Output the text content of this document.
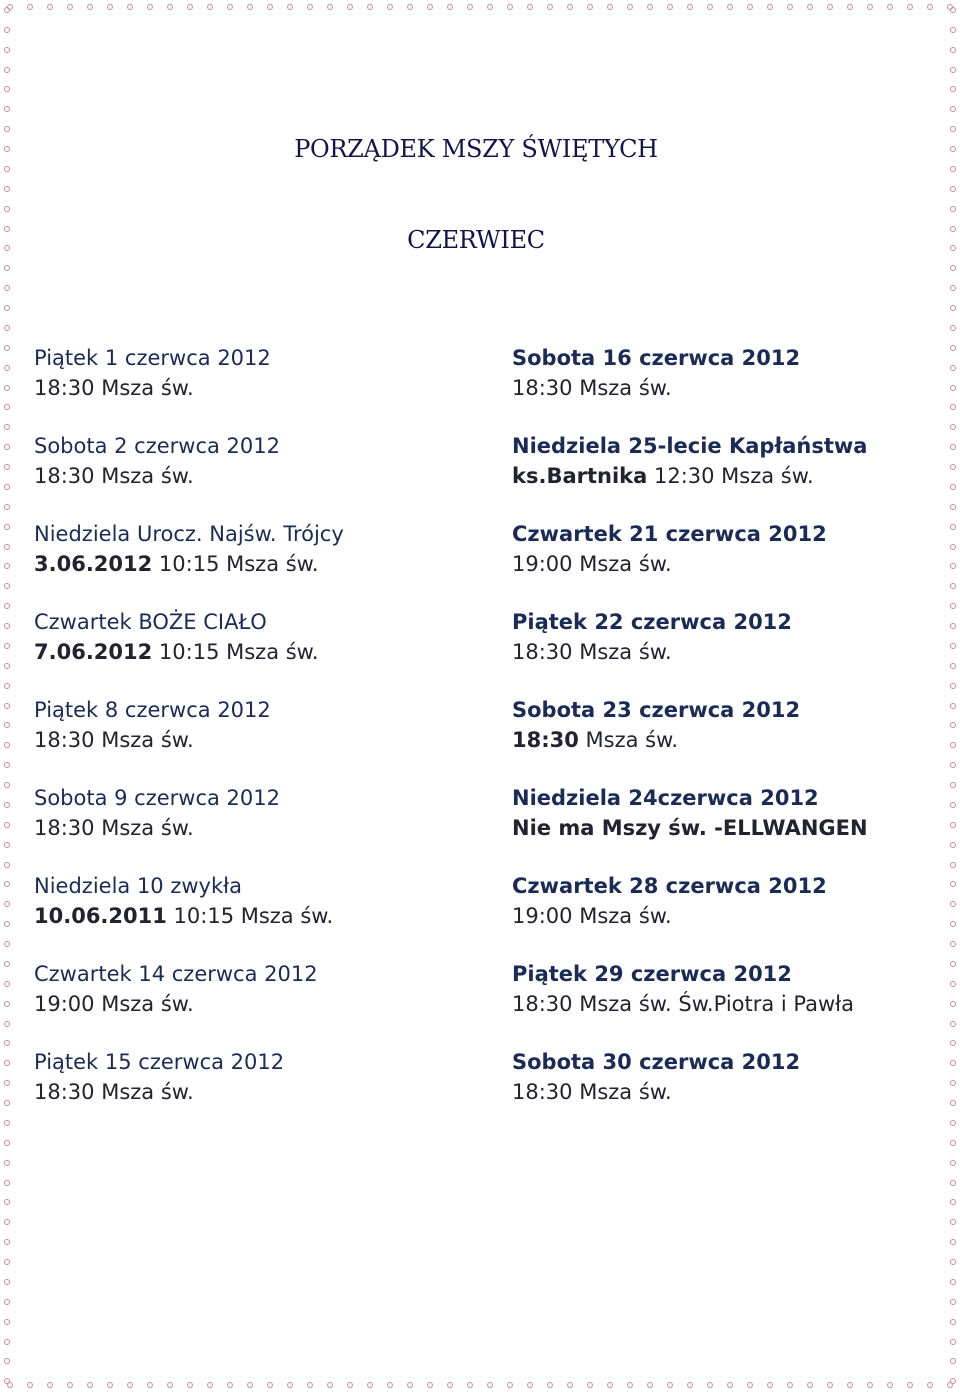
PORZĄDEK MSZY ŚWIĘTYCH
CZERWIEC
Piątek 1 czerwca 2012
18:30 Msza św.
Sobota 2 czerwca 2012
18:30 Msza św.
Niedziela Urocz. Najśw. Trójcy
3.06.2012 10:15 Msza św.
Czwartek BOŻE CIAŁO
7.06.2012 10:15 Msza św.
Piątek 8 czerwca 2012
18:30 Msza św.
Sobota 9 czerwca 2012
18:30 Msza św.
Niedziela 10 zwykła
10.06.2011 10:15 Msza św.
Czwartek 14 czerwca 2012
19:00 Msza św.
Piątek 15 czerwca 2012
18:30 Msza św.
Sobota 16 czerwca 2012
18:30 Msza św.
Niedziela 25-lecie Kapłaństwa
ks.Bartnika 12:30 Msza św.
Czwartek 21 czerwca 2012
19:00 Msza św.
Piątek 22 czerwca 2012
18:30 Msza św.
Sobota 23 czerwca 2012
18:30 Msza św.
Niedziela 24czerwca 2012
Nie ma Mszy św. -ELLWANGEN
Czwartek 28 czerwca 2012
19:00 Msza św.
Piątek 29 czerwca 2012
18:30 Msza św. Św.Piotra i Pawła
Sobota 30 czerwca 2012
18:30 Msza św.
